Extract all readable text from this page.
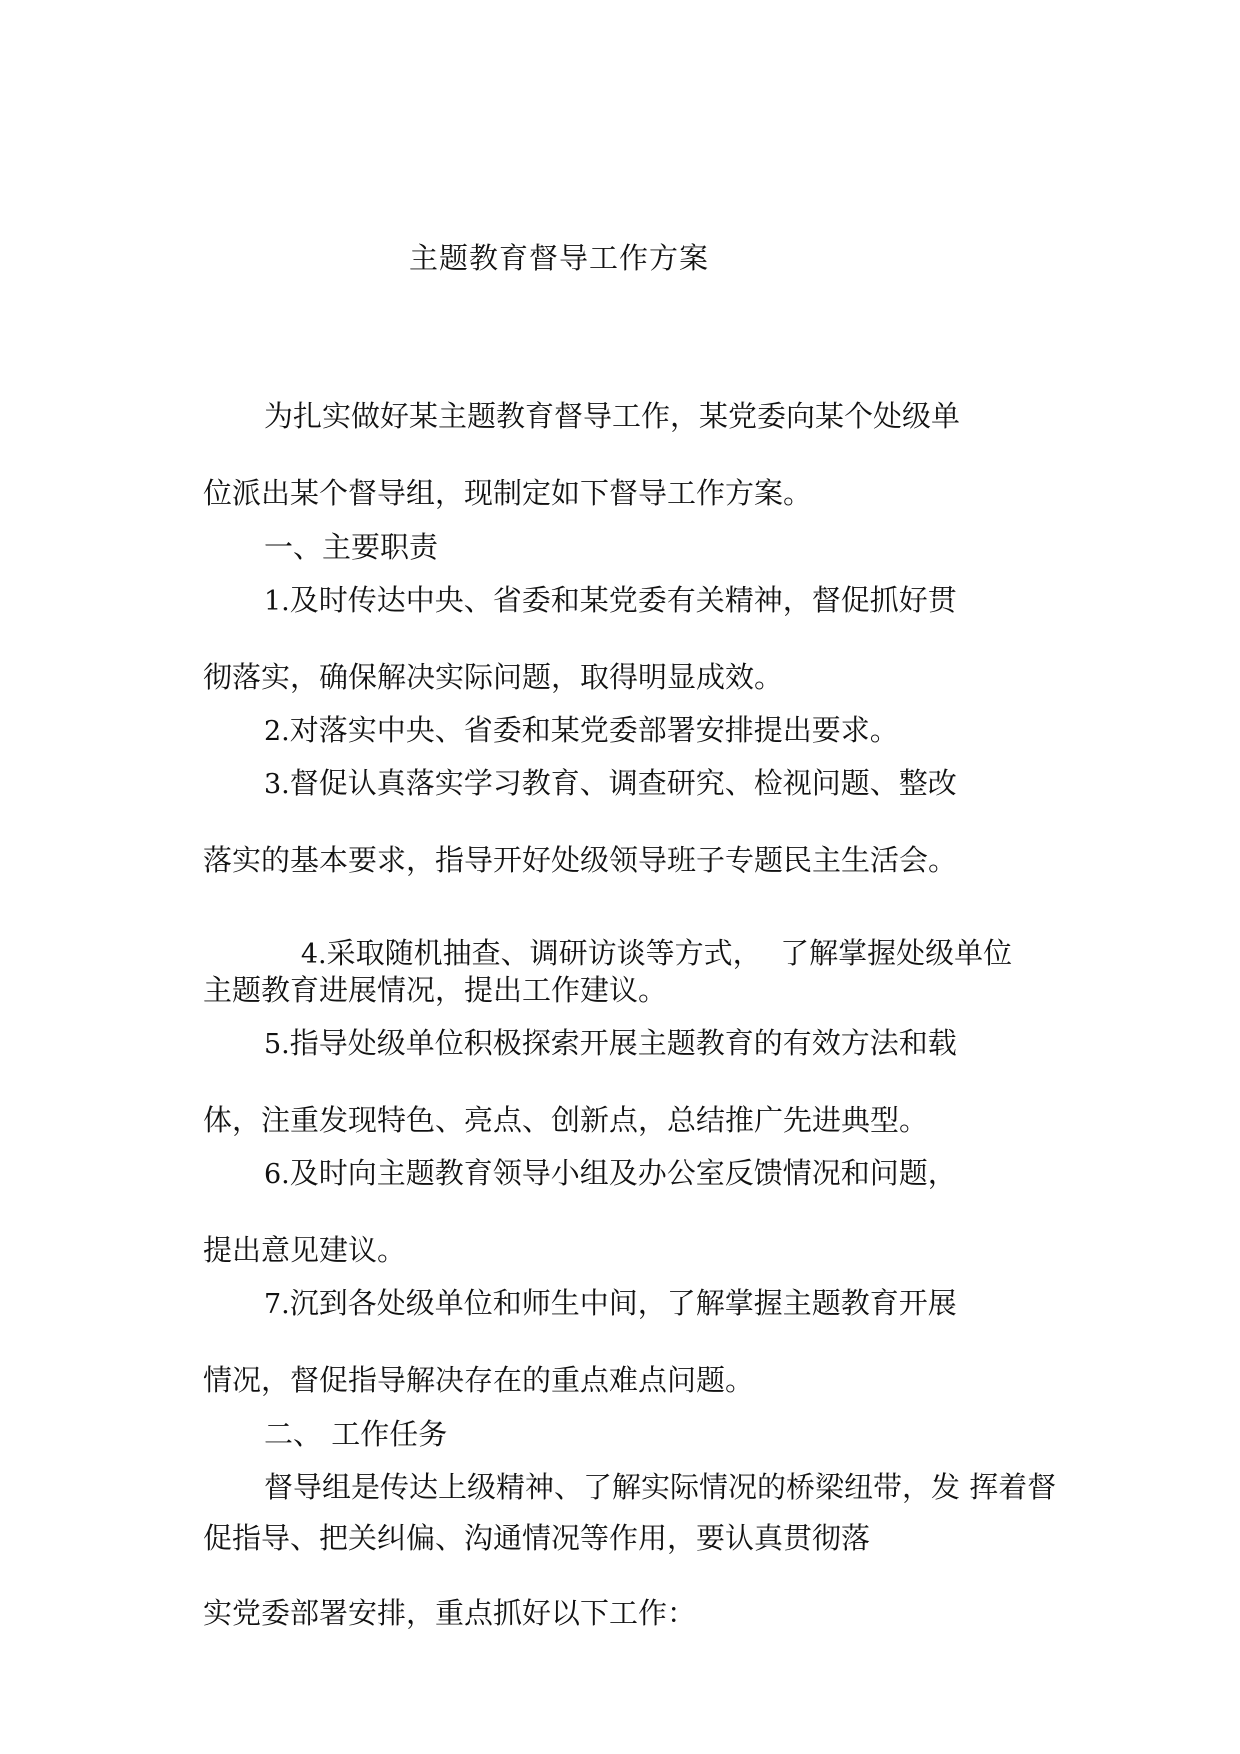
主题教育督导工作方案
为扎实做好某主题教育督导工作，某党委向某个处级单
位派出某个督导组，现制定如下督导工作方案。
一、主要职责
1.及时传达中央、省委和某党委有关精神，督促抓好贯
彻落实，确保解决实际问题，取得明显成效。
2.对落实中央、省委和某党委部署安排提出要求。
3.督促认真落实学习教育、调查研究、检视问题、整改
落实的基本要求，指导开好处级领导班子专题民主生活会。

4.采取随机抽查、调研访谈等方式，  了解掌握处级单位

主题教育进展情况，提出工作建议。
5.指导处级单位积极探索开展主题教育的有效方法和载
体，注重发现特色、亮点、创新点，总结推广先进典型。
6.及时向主题教育领导小组及办公室反馈情况和问题，
提出意见建议。
7.沉到各处级单位和师生中间，了解掌握主题教育开展
情况，督促指导解决存在的重点难点问题。
二、 工作任务
督导组是传达上级精神、了解实际情况的桥梁纽带，发 挥着督
促指导、把关纠偏、沟通情况等作用，要认真贯彻落
实党委部署安排，重点抓好以下工作：
